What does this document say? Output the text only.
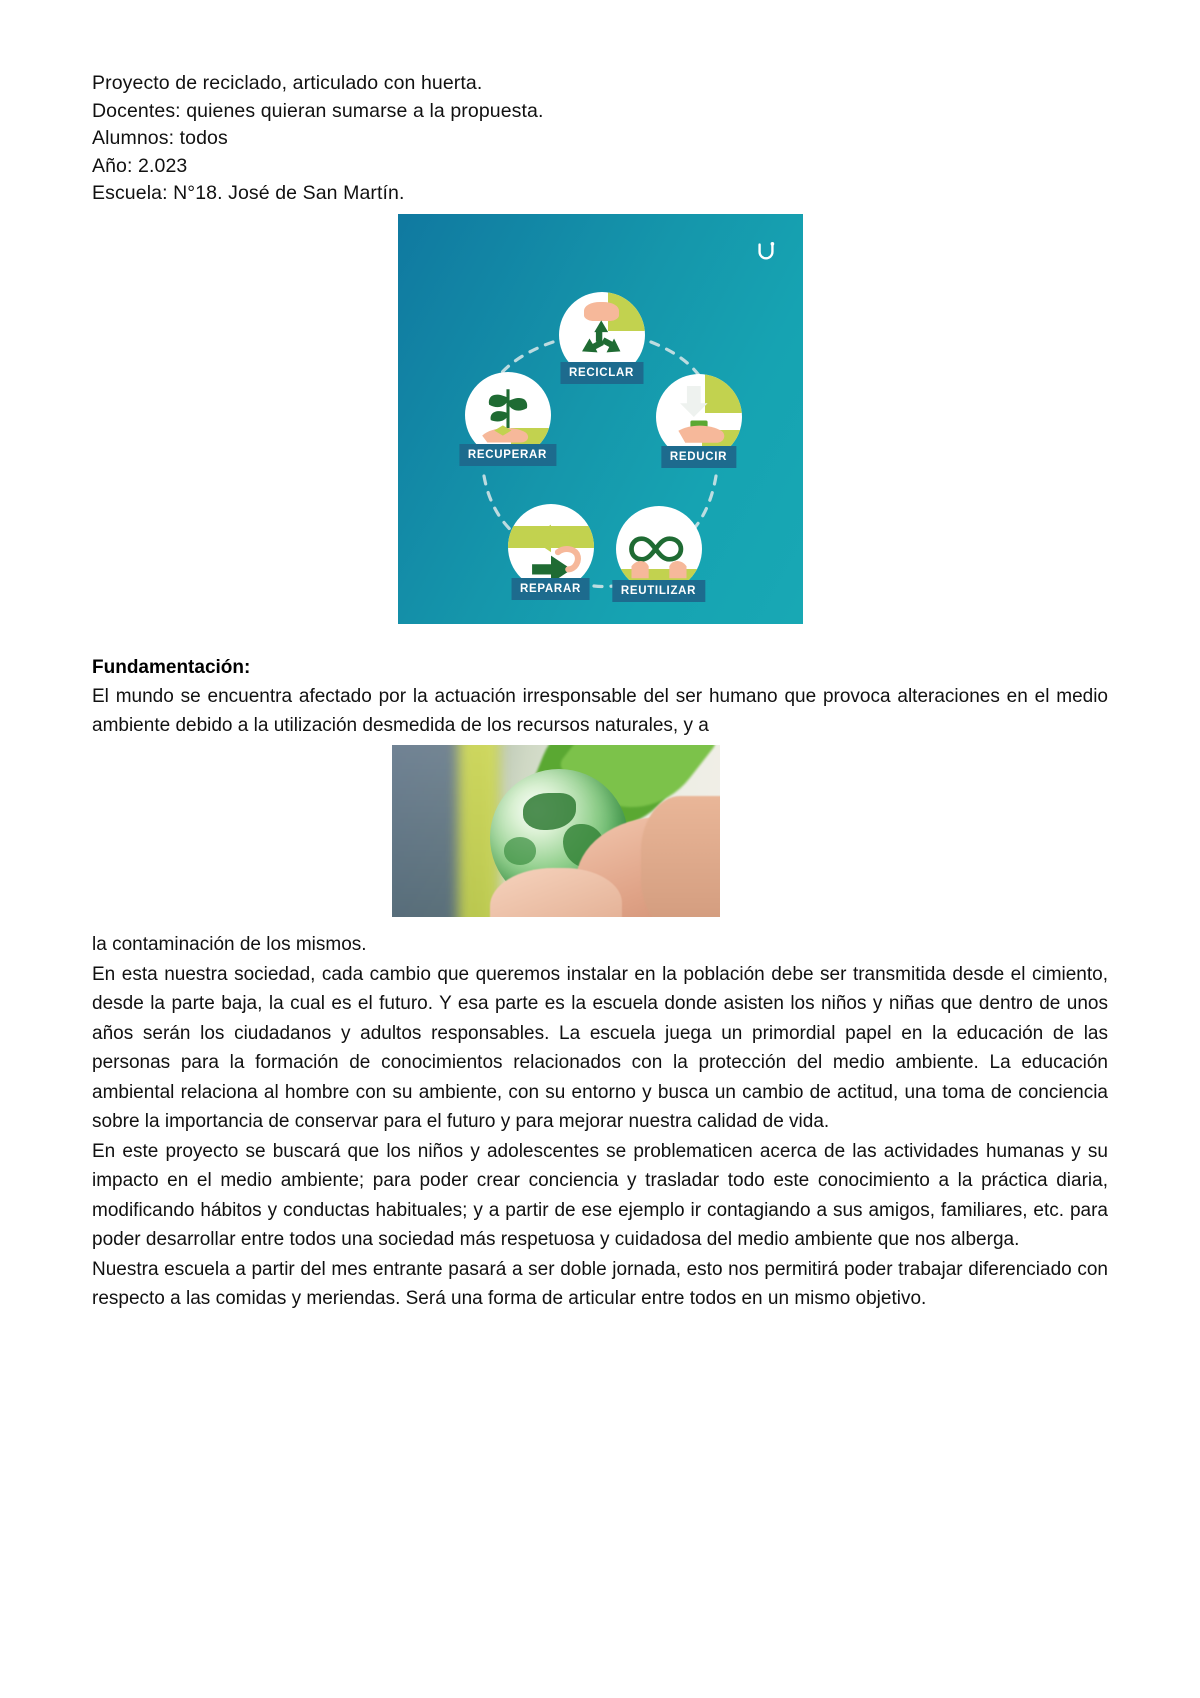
Proyecto de reciclado, articulado con huerta.
Docentes: quienes quieran sumarse a la propuesta.
Alumnos: todos
Año: 2.023
Escuela: N°18. José de San Martín.
RECICLAR
RECUPERAR	REDUCIR
REPARAR	REUTILIZAR
Fundamentación:

El mundo se encuentra afectado por la actuación irresponsable del ser humano que provoca alteraciones en el medio ambiente debido a la utilización desmedida de los recursos naturales, y a

la contaminación de los mismos.

En esta nuestra sociedad, cada cambio que queremos instalar en la población debe ser transmitida desde el cimiento, desde la parte baja, la cual es el futuro. Y esa parte es la escuela donde asisten los niños y niñas que dentro de unos años serán los ciudadanos y adultos responsables. La escuela juega un primordial papel en la educación de las personas para la formación de conocimientos relacionados con la protección del medio ambiente. La educación ambiental relaciona al hombre con su ambiente, con su entorno y busca un cambio de actitud, una toma de conciencia sobre la importancia de conservar para el futuro y para mejorar nuestra calidad de vida.

En este proyecto se buscará que los niños y adolescentes se problematicen acerca de las actividades humanas y su impacto en el medio ambiente; para poder crear conciencia y trasladar todo este conocimiento a la práctica diaria, modificando hábitos y conductas habituales; y a partir de ese ejemplo ir contagiando a sus amigos, familiares, etc. para poder desarrollar entre todos una sociedad más respetuosa y cuidadosa del medio ambiente que nos alberga.

Nuestra escuela a partir del mes entrante pasará a ser doble jornada, esto nos permitirá poder trabajar diferenciado con respecto a las comidas y meriendas. Será una forma de articular entre todos en un mismo objetivo.
